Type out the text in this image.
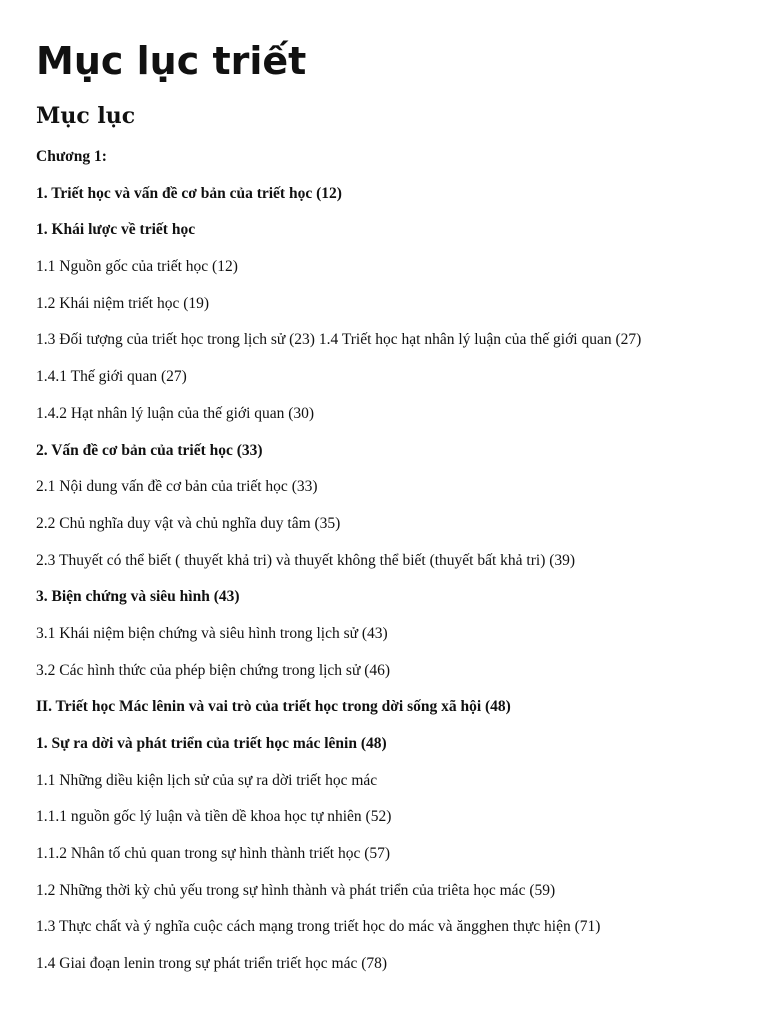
Mục lục triết
Mục lục
Chương 1:
1. Triết học và vấn đề cơ bản của triết học (12)
1. Khái lược về triết học
1.1 Nguồn gốc của triết học (12)
1.2 Khái niệm triết học (19)
1.3 Đối tượng của triết học trong lịch sử (23) 1.4 Triết học hạt nhân lý luận của thế giới quan (27)
1.4.1 Thế giới quan (27)
1.4.2 Hạt nhân lý luận của thế giới quan (30)
2. Vấn đề cơ bản của triết học (33)
2.1 Nội dung vấn đề cơ bản của triết học (33)
2.2 Chủ nghĩa duy vật và chủ nghĩa duy tâm (35)
2.3 Thuyết có thể biết ( thuyết khả tri) và thuyết không thể biết (thuyết bất khả tri) (39)
3. Biện chứng và siêu hình (43)
3.1 Khái niệm biện chứng và siêu hình trong lịch sử (43)
3.2 Các hình thức của phép biện chứng trong lịch sử (46)
II. Triết học Mác lênin và vai trò của triết học trong dời sống xã hội (48)
1. Sự ra dời và phát triển của triết học mác lênin (48)
1.1 Những diều kiện lịch sử của sự ra dời triết học mác
1.1.1 nguồn gốc lý luận và tiền dề khoa học tự nhiên (52)
1.1.2 Nhân tố chủ quan trong sự hình thành triết học (57)
1.2 Những thời kỳ chủ yếu trong sự hình thành và phát triển của triêta học mác (59)
1.3 Thực chất và ý nghĩa cuộc cách mạng trong triết học do mác và ăngghen thực hiện (71)
1.4 Giai đoạn lenin trong sự phát triển triết học mác (78)
